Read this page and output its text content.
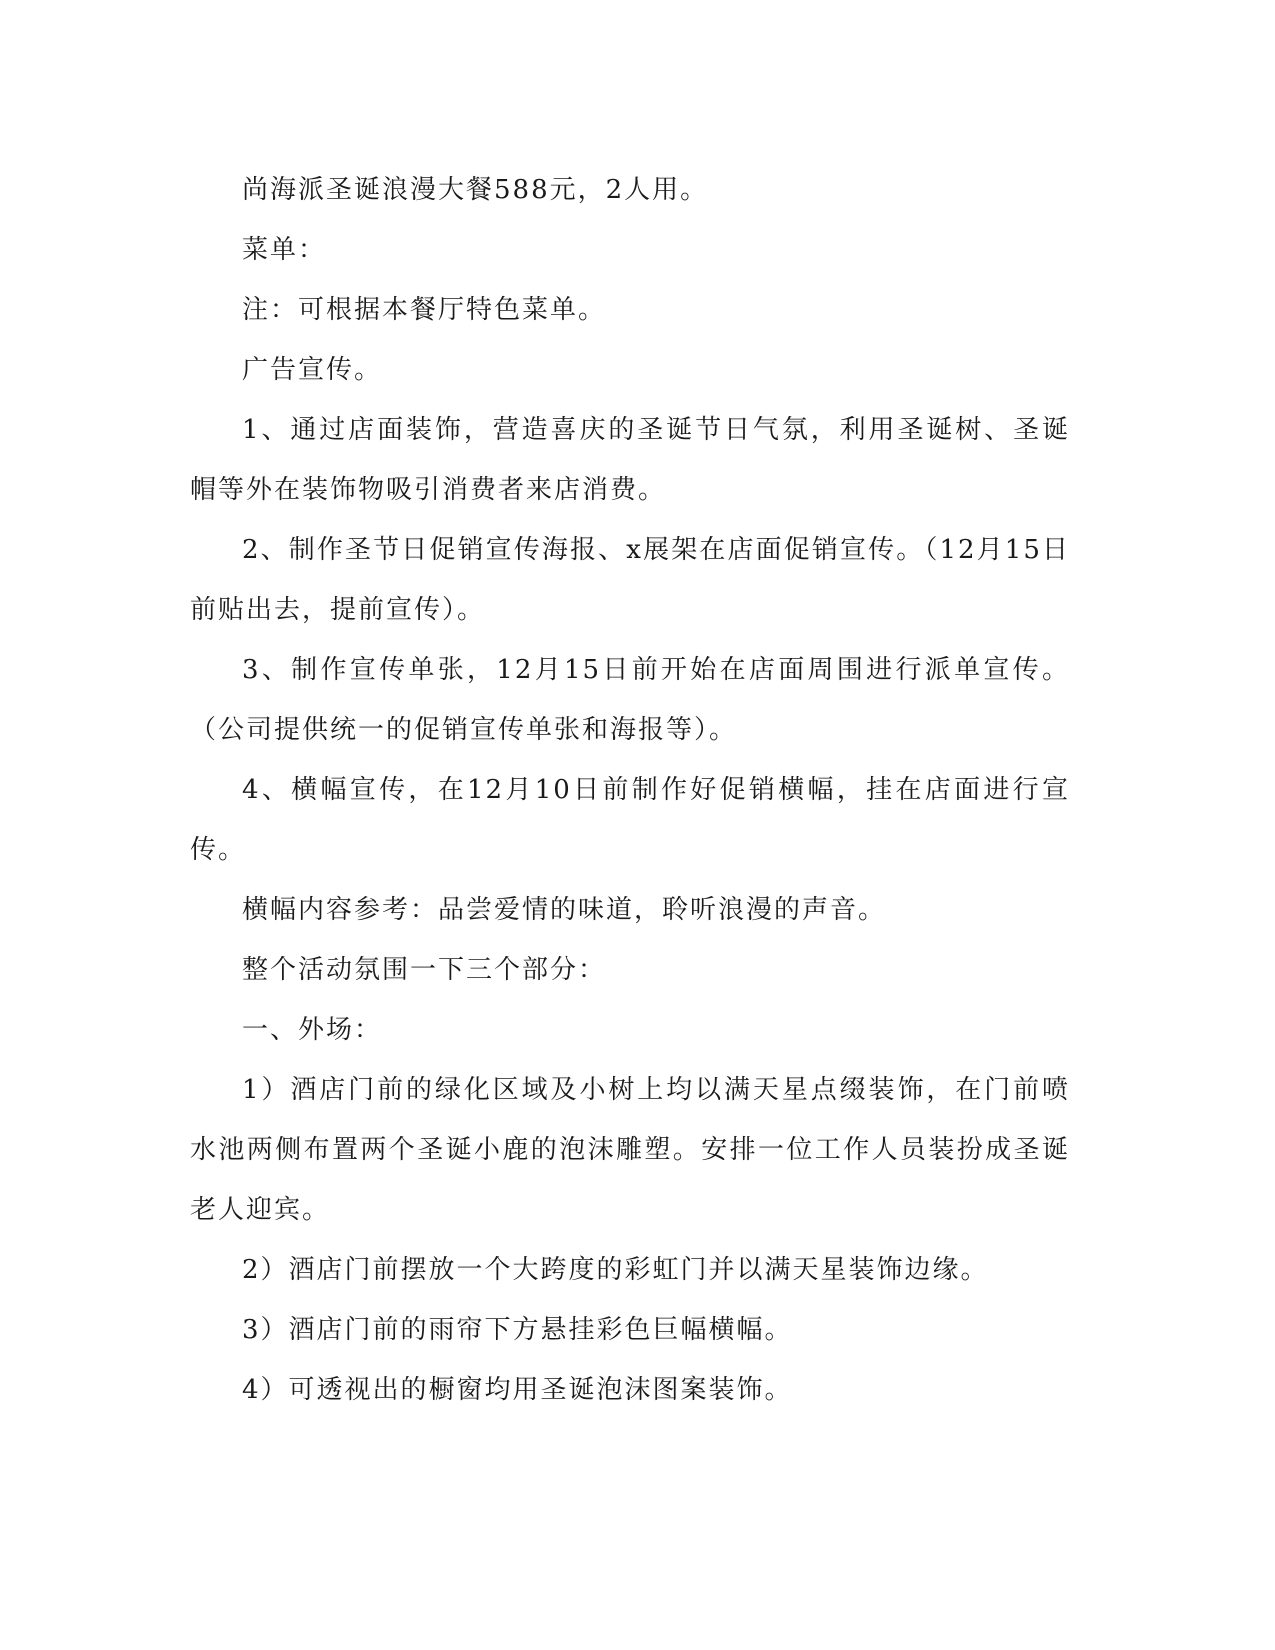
尚海派圣诞浪漫大餐588元，2人用。

菜单：

注：可根据本餐厅特色菜单。

广告宣传。

1、通过店面装饰，营造喜庆的圣诞节日气氛，利用圣诞树、圣诞帽等外在装饰物吸引消费者来店消费。

2、制作圣节日促销宣传海报、x展架在店面促销宣传。（12月15日前贴出去，提前宣传）。

3、制作宣传单张，12月15日前开始在店面周围进行派单宣传。（公司提供统一的促销宣传单张和海报等）。

4、横幅宣传，在12月10日前制作好促销横幅，挂在店面进行宣传。

横幅内容参考：品尝爱情的味道，聆听浪漫的声音。

整个活动氛围一下三个部分：

一、外场：

1）酒店门前的绿化区域及小树上均以满天星点缀装饰，在门前喷水池两侧布置两个圣诞小鹿的泡沫雕塑。安排一位工作人员装扮成圣诞老人迎宾。

2）酒店门前摆放一个大跨度的彩虹门并以满天星装饰边缘。

3）酒店门前的雨帘下方悬挂彩色巨幅横幅。

4）可透视出的橱窗均用圣诞泡沫图案装饰。
